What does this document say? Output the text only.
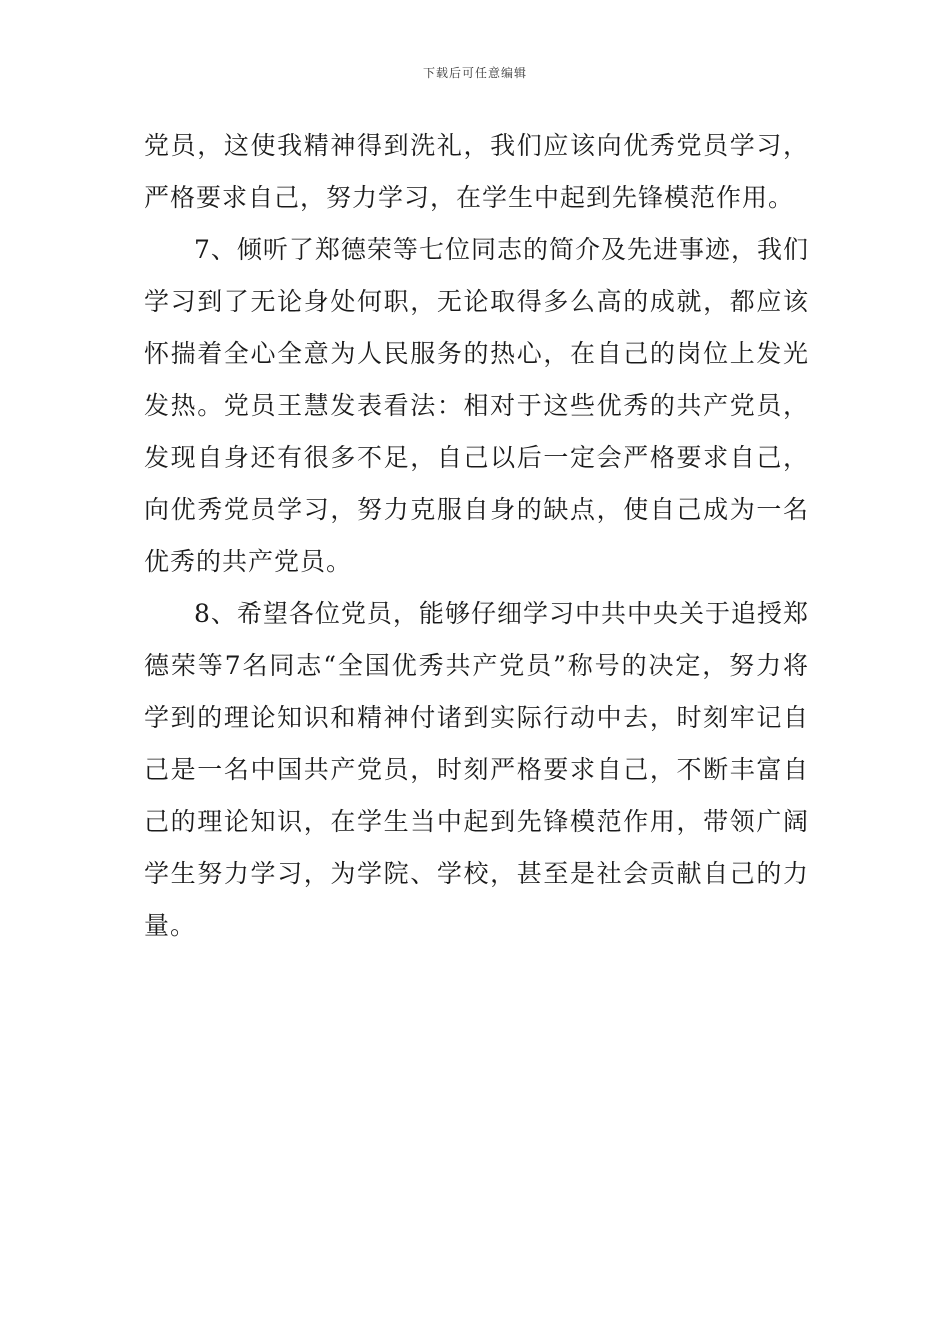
下载后可任意编辑

党员，这使我精神得到洗礼，我们应该向优秀党员学习，严格要求自己，努力学习，在学生中起到先锋模范作用。

7、倾听了郑德荣等七位同志的简介及先进事迹，我们学习到了无论身处何职，无论取得多么高的成就，都应该怀揣着全心全意为人民服务的热心，在自己的岗位上发光发热。党员王慧发表看法：相对于这些优秀的共产党员，发现自身还有很多不足，自己以后一定会严格要求自己，向优秀党员学习，努力克服自身的缺点，使自己成为一名优秀的共产党员。

8、希望各位党员，能够仔细学习中共中央关于追授郑德荣等7名同志“全国优秀共产党员”称号的决定，努力将学到的理论知识和精神付诸到实际行动中去，时刻牢记自己是一名中国共产党员，时刻严格要求自己，不断丰富自己的理论知识，在学生当中起到先锋模范作用，带领广阔学生努力学习，为学院、学校，甚至是社会贡献自己的力量。
